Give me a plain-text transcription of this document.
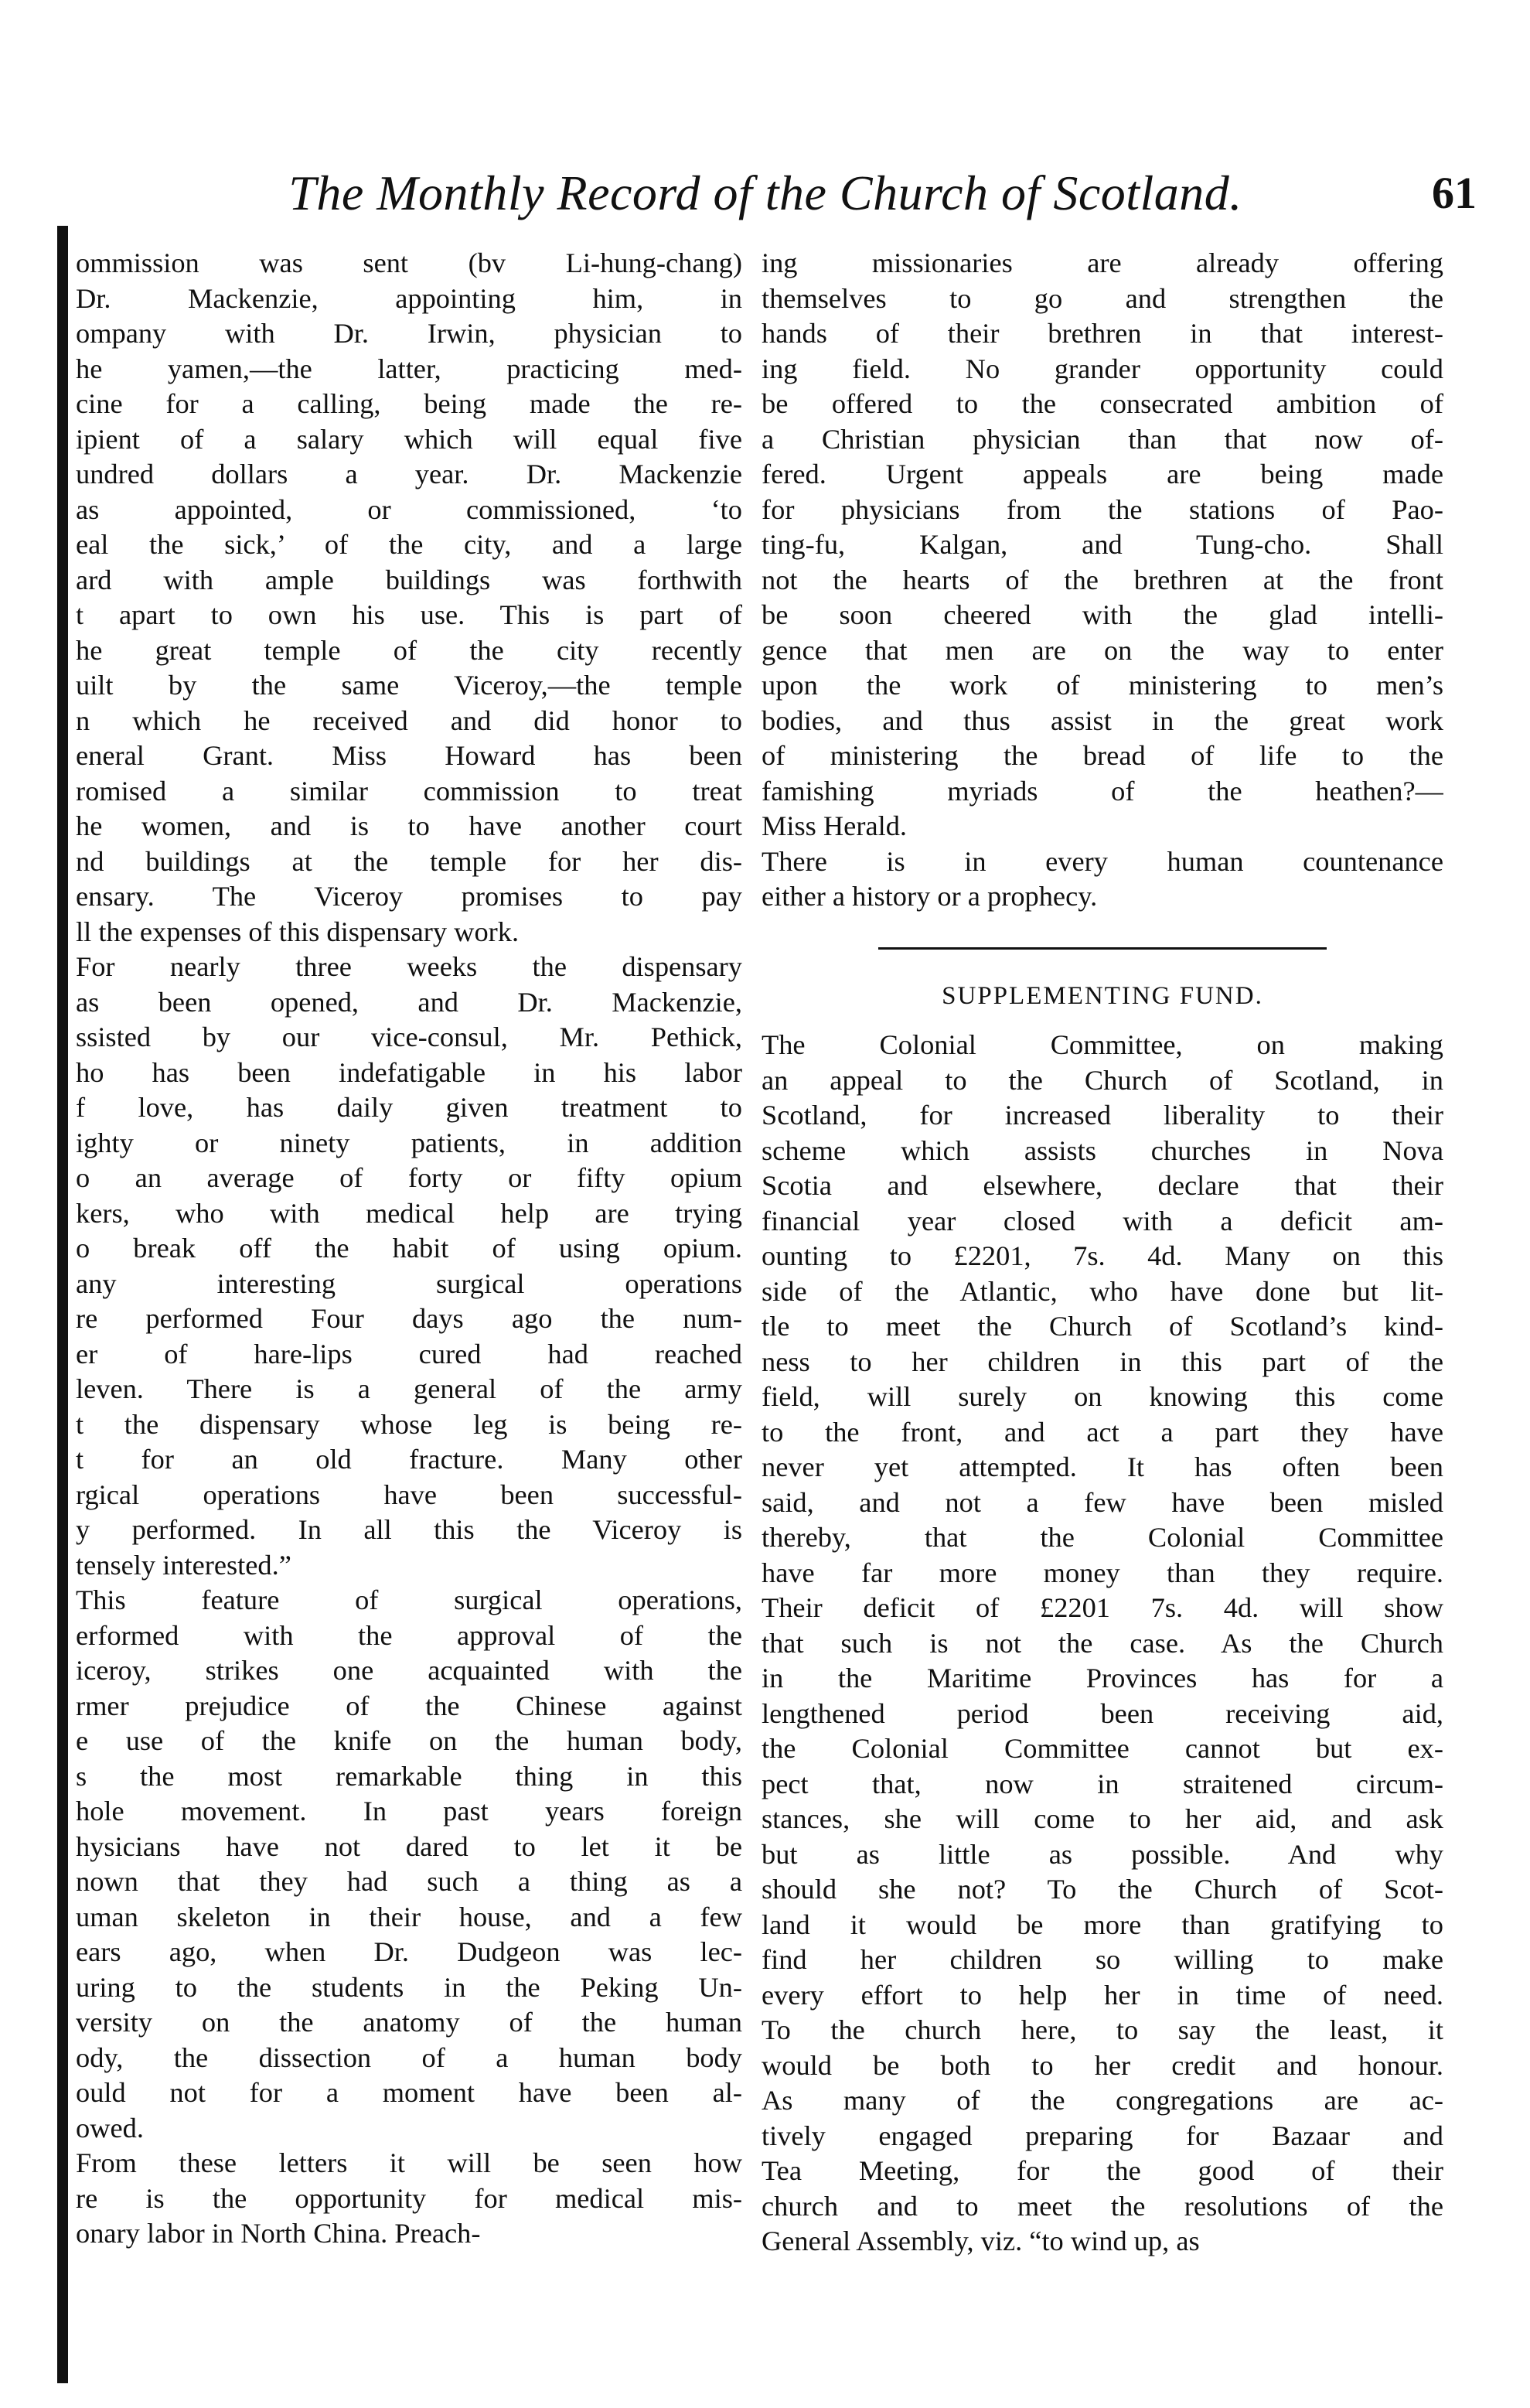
The Monthly Record of the Church of Scotland.	61
ommission was sent (bv Li-hung-chang)
Dr. Mackenzie, appointing him, in
ompany with Dr. Irwin, physician to
he yamen,—the latter, practicing med-
cine for a calling, being made the re-
ipient of a salary which will equal five
undred dollars a year. Dr. Mackenzie
as appointed, or commissioned, ‘to
eal the sick,’ of the city, and a large
ard with ample buildings was forthwith
t apart to own his use. This is part of
he great temple of the city recently
uilt by the same Viceroy,—the temple
n which he received and did honor to
eneral Grant. Miss Howard has been
romised a similar commission to treat
he women, and is to have another court
nd buildings at the temple for her dis-
ensary. The Viceroy promises to pay
ll the expenses of this dispensary work.
For nearly three weeks the dispensary
as been opened, and Dr. Mackenzie,
ssisted by our vice-consul, Mr. Pethick,
ho has been indefatigable in his labor
f love, has daily given treatment to
ighty or ninety patients, in addition
o an average of forty or fifty opium
kers, who with medical help are trying
o break off the habit of using opium.
any interesting surgical operations
re performed Four days ago the num-
er of hare-lips cured had reached
leven. There is a general of the army
t the dispensary whose leg is being re-
t for an old fracture. Many other
rgical operations have been successful-
y performed. In all this the Viceroy is
tensely interested.”
This feature of surgical operations,
erformed with the approval of the
iceroy, strikes one acquainted with the
rmer prejudice of the Chinese against
e use of the knife on the human body,
s the most remarkable thing in this
hole movement. In past years foreign
hysicians have not dared to let it be
nown that they had such a thing as a
uman skeleton in their house, and a few
ears ago, when Dr. Dudgeon was lec-
uring to the students in the Peking Un-
versity on the anatomy of the human
ody, the dissection of a human body
ould not for a moment have been al-
owed.
From these letters it will be seen how
re is the opportunity for medical mis-
onary labor in North China. Preach-
ing missionaries are already offering
themselves to go and strengthen the
hands of their brethren in that interest-
ing field. No grander opportunity could
be offered to the consecrated ambition of
a Christian physician than that now of-
fered. Urgent appeals are being made
for physicians from the stations of Pao-
ting-fu, Kalgan, and Tung-cho. Shall
not the hearts of the brethren at the front
be soon cheered with the glad intelli-
gence that men are on the way to enter
upon the work of ministering to men’s
bodies, and thus assist in the great work
of ministering the bread of life to the
famishing myriads of the heathen?—
Miss Herald.
There is in every human countenance
either a history or a prophecy.
SUPPLEMENTING FUND.
The Colonial Committee, on making
an appeal to the Church of Scotland, in
Scotland, for increased liberality to their
scheme which assists churches in Nova
Scotia and elsewhere, declare that their
financial year closed with a deficit am-
ounting to £2201, 7s. 4d. Many on this
side of the Atlantic, who have done but lit-
tle to meet the Church of Scotland’s kind-
ness to her children in this part of the
field, will surely on knowing this come
to the front, and act a part they have
never yet attempted. It has often been
said, and not a few have been misled
thereby, that the Colonial Committee
have far more money than they require.
Their deficit of £2201 7s. 4d. will show
that such is not the case. As the Church
in the Maritime Provinces has for a
lengthened period been receiving aid,
the Colonial Committee cannot but ex-
pect that, now in straitened circum-
stances, she will come to her aid, and ask
but as little as possible. And why
should she not? To the Church of Scot-
land it would be more than gratifying to
find her children so willing to make
every effort to help her in time of need.
To the church here, to say the least, it
would be both to her credit and honour.
As many of the congregations are ac-
tively engaged preparing for Bazaar and
Tea Meeting, for the good of their
church and to meet the resolutions of the
General Assembly, viz. “to wind up, as
